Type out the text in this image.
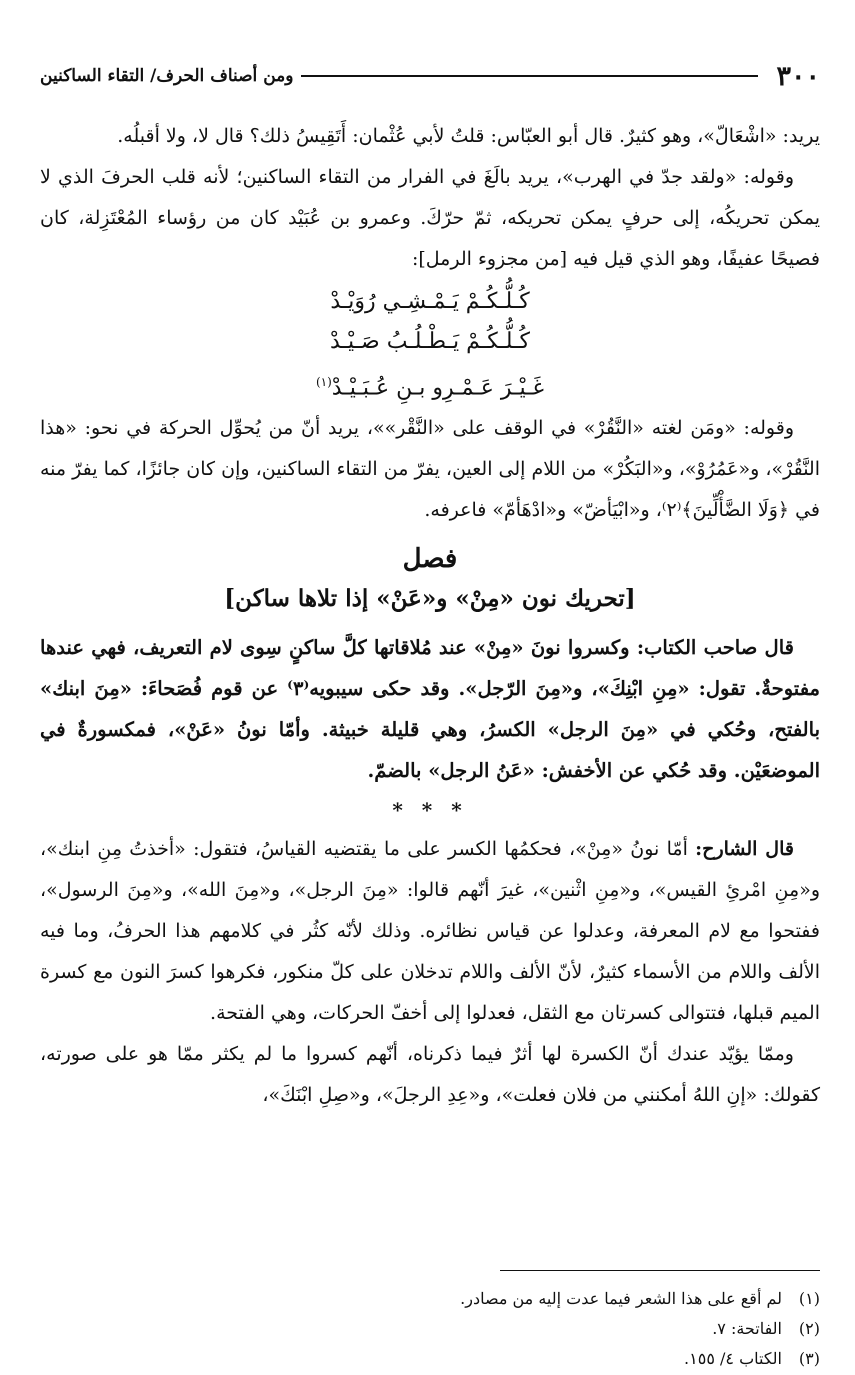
٣٠٠
ومن أصناف الحرف/ التقاء الساكنين

يريد: «اشْعَالّ»، وهو كثيرٌ. قال أبو العبّاس: قلتُ لأبي عُثْمان: أَتَقِيسُ ذلك؟ قال لا، ولا أقبلُه.

وقوله: «ولقد جدّ في الهرب»، يريد بالَغَ في الفرار من التقاء الساكنين؛ لأنه قلب الحرفَ الذي لا يمكن تحريكُه، إلى حرفٍ يمكن تحريكه، ثمّ حرّكَ. وعمرو بن عُبَيْد كان من رؤساء المُعْتَزِلة، كان فصيحًا عفيفًا، وهو الذي قيل فيه [من مجزوء الرمل]:

كُـلُّـكُـمْ يَـمْـشِـي رُوَيْـدْ
كُـلُّـكُـمْ يَـطْـلُـبُ صَـيْـدْ
غَـيْـرَ عَـمْـرِو بـنِ عُـبَـيْـدْ$^{(١)}$

وقوله: «ومَن لغته «النَّقُرْ» في الوقف على «النَّقْر»»، يريد أنّ من يُحوِّل الحركة في نحو: «هذا النَّقُرْ»، و«عَمُرُوْ»، و«البَكُرْ» من اللام إلى العين، يفرّ من التقاء الساكنين، وإن كان جائزًا، كما يفرّ منه في ﴿وَلَا الضَّأْلِّينَ﴾⁽٢⁾، و«ابْيَأضّ» و«ادْهَأمّ» فاعرفه.

فصل
[تحريك نون «مِنْ» و«عَنْ» إذا تلاها ساكن]

قال صاحب الكتاب: وكسروا نونَ «مِنْ» عند مُلاقاتها كلَّ ساكنٍ سِوى لام التعريف، فهي عندها مفتوحةٌ. تقول: «مِنِ ابْنِكَ»، و«مِنَ الرّجل». وقد حكى سيبويه⁽٣⁾ عن قوم فُصَحاءَ: «مِنَ ابنك» بالفتح، وحُكي في «مِنَ الرجل» الكسرُ، وهي قليلة خبيثة. وأمّا نونُ «عَنْ»، فمكسورةٌ في الموضعَيْن. وقد حُكي عن الأخفش: «عَنُ الرجل» بالضمّ.

* * *

قال الشارح: أمّا نونُ «مِنْ»، فحكمُها الكسر على ما يقتضيه القياسُ، فتقول: «أخذتُ مِنِ ابنك»، و«مِنِ امْرئِ القيس»، و«مِنِ اثْنين»، غيرَ أنّهم قالوا: «مِنَ الرجل»، و«مِنَ الله»، و«مِنَ الرسول»، ففتحوا مع لام المعرفة، وعدلوا عن قياس نظائره. وذلك لأنّه كثُر في كلامهم هذا الحرفُ، وما فيه الألف واللام من الأسماء كثيرٌ، لأنّ الألف واللام تدخلان على كلّ منكور، فكرهوا كسرَ النون مع كسرة الميم قبلها، فتتوالى كسرتان مع الثقل، فعدلوا إلى أخفّ الحركات، وهي الفتحة.

وممّا يؤيّد عندك أنّ الكسرة لها أثرٌ فيما ذكرناه، أنّهم كسروا ما لم يكثر ممّا هو على صورته، كقولك: «إنِ اللهُ أمكنني من فلان فعلت»، و«عِدِ الرجلَ»، و«صِلِ ابْنَكَ»،

(١)لم أقع على هذا الشعر فيما عدت إليه من مصادر.
(٢)الفاتحة: ٧.
(٣)الكتاب ٤/ ١٥٥.
